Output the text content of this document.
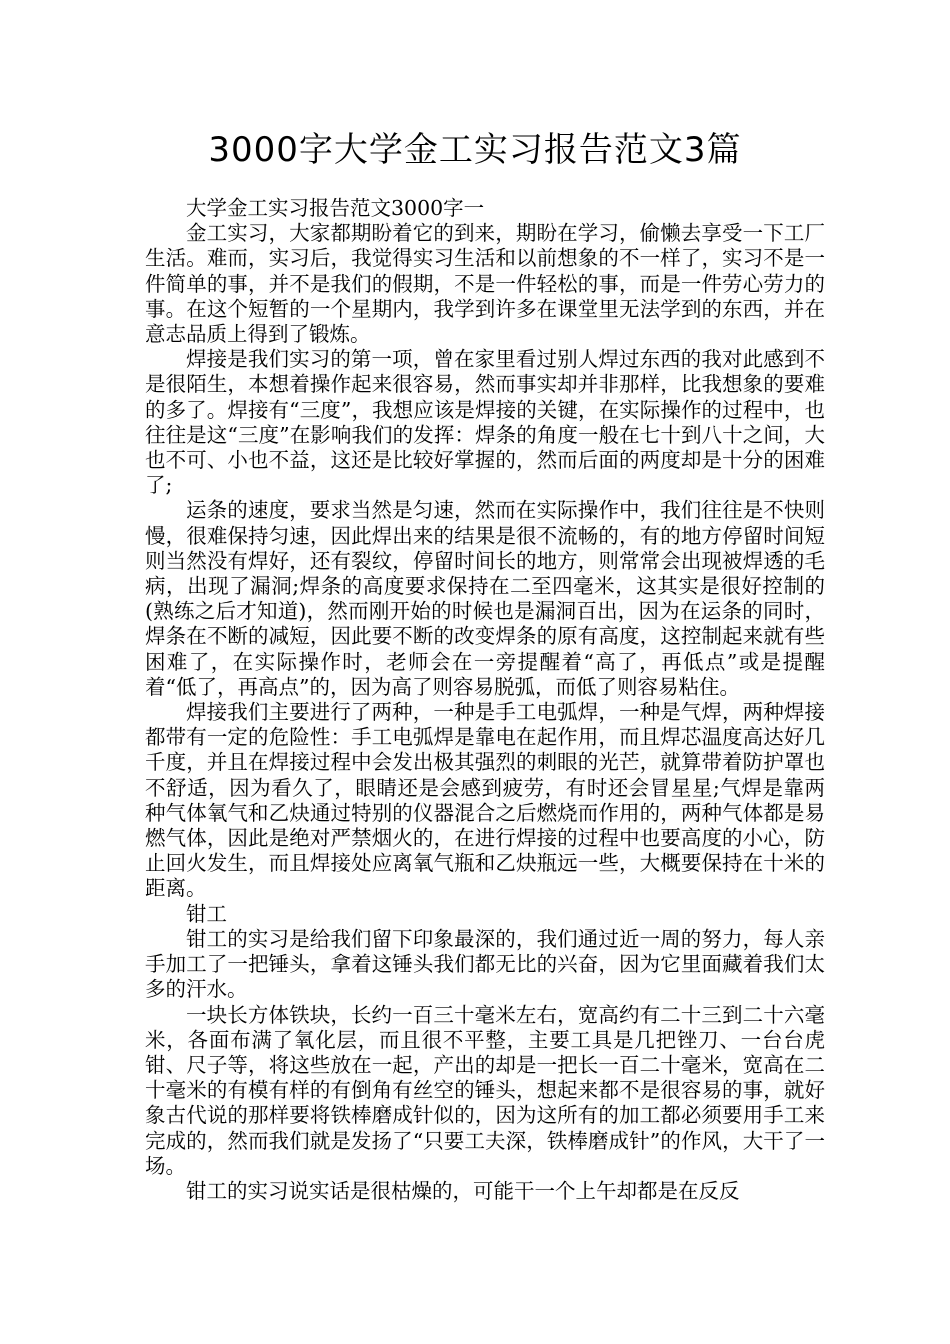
3000字大学金工实习报告范文3篇

大学金工实习报告范文3000字一

金工实习，大家都期盼着它的到来，期盼在学习，偷懒去享受一下工厂生活。难而，实习后，我觉得实习生活和以前想象的不一样了，实习不是一件简单的事，并不是我们的假期，不是一件轻松的事，而是一件劳心劳力的事。在这个短暂的一个星期内，我学到许多在课堂里无法学到的东西，并在意志品质上得到了锻炼。

焊接是我们实习的第一项，曾在家里看过别人焊过东西的我对此感到不是很陌生，本想着操作起来很容易，然而事实却并非那样，比我想象的要难的多了。焊接有“三度”，我想应该是焊接的关键，在实际操作的过程中，也往往是这“三度”在影响我们的发挥：焊条的角度一般在七十到八十之间，大也不可、小也不益，这还是比较好掌握的，然而后面的两度却是十分的困难了;

运条的速度，要求当然是匀速，然而在实际操作中，我们往往是不快则慢，很难保持匀速，因此焊出来的结果是很不流畅的，有的地方停留时间短则当然没有焊好，还有裂纹，停留时间长的地方，则常常会出现被焊透的毛病，出现了漏洞;焊条的高度要求保持在二至四毫米，这其实是很好控制的(熟练之后才知道)，然而刚开始的时候也是漏洞百出，因为在运条的同时，焊条在不断的减短，因此要不断的改变焊条的原有高度，这控制起来就有些困难了，在实际操作时，老师会在一旁提醒着“高了，再低点”或是提醒着“低了，再高点”的，因为高了则容易脱弧，而低了则容易粘住。

焊接我们主要进行了两种，一种是手工电弧焊，一种是气焊，两种焊接都带有一定的危险性：手工电弧焊是靠电在起作用，而且焊芯温度高达好几千度，并且在焊接过程中会发出极其强烈的刺眼的光芒，就算带着防护罩也不舒适，因为看久了，眼睛还是会感到疲劳，有时还会冒星星;气焊是靠两种气体氧气和乙炔通过特别的仪器混合之后燃烧而作用的，两种气体都是易燃气体，因此是绝对严禁烟火的，在进行焊接的过程中也要高度的小心，防止回火发生，而且焊接处应离氧气瓶和乙炔瓶远一些，大概要保持在十米的距离。

钳工

钳工的实习是给我们留下印象最深的，我们通过近一周的努力，每人亲手加工了一把锤头，拿着这锤头我们都无比的兴奋，因为它里面藏着我们太多的汗水。

一块长方体铁块，长约一百三十毫米左右，宽高约有二十三到二十六毫米，各面布满了氧化层，而且很不平整，主要工具是几把锉刀、一台台虎钳、尺子等，将这些放在一起，产出的却是一把长一百二十毫米，宽高在二十毫米的有模有样的有倒角有丝空的锤头，想起来都不是很容易的事，就好象古代说的那样要将铁棒磨成针似的，因为这所有的加工都必须要用手工来完成的，然而我们就是发扬了“只要工夫深，铁棒磨成针”的作风，大干了一场。

钳工的实习说实话是很枯燥的，可能干一个上午却都是在反反
